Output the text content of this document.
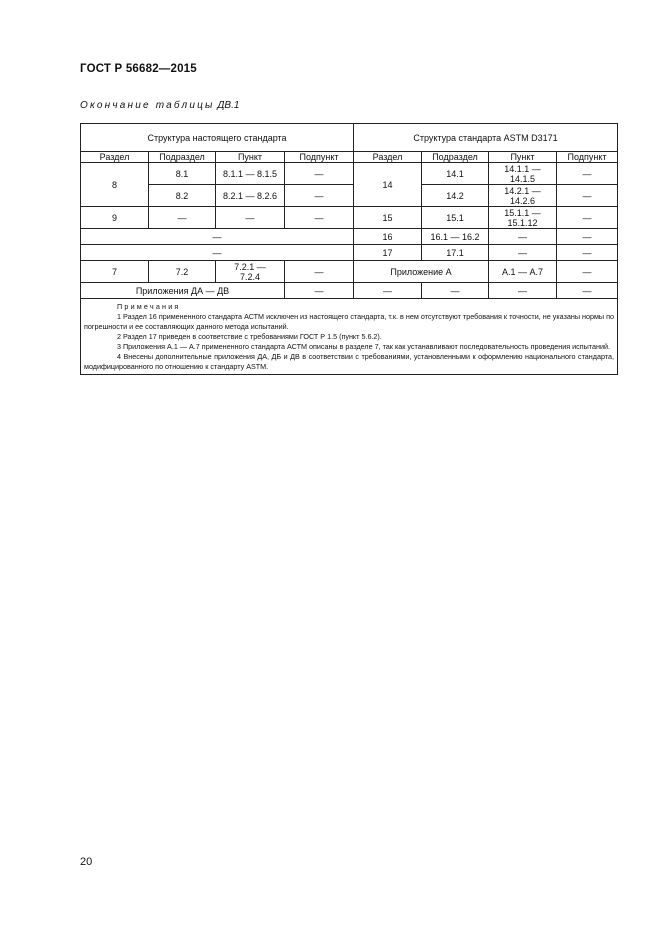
ГОСТ Р 56682—2015
Окончание таблицы ДВ.1
Структура настоящего стандарта				Структура стандарта ASTM D3171			
Раздел	Подраздел	Пункт	Подпункт	Раздел	Подраздел	Пункт	Подпункт
8	8.1	8.1.1 — 8.1.5	—	14	14.1	14.1.1 — 14.1.5	—
	8.2	8.2.1 — 8.2.6	—		14.2	14.2.1 — 14.2.6	—
9	—	—	—	15	15.1	15.1.1 — 15.1.12	—
—				16	16.1 — 16.2	—	—
—				17	17.1	—	—
7	7.2	7.2.1 — 7.2.4	—	Приложение А		А.1 — А.7	—
Приложения ДА — ДВ			—	—	—	—	—

Примечания
1 Раздел 16 примененного стандарта АСТМ исключен из настоящего стандарта, т.к. в нем отсутствуют требования к точности, не указаны нормы по погрешности и ее составляющих данного метода испытаний.
2 Раздел 17 приведен в соответствие с требованиями ГОСТ Р 1.5 (пункт 5.6.2).
3 Приложения А.1 — А.7 примененного стандарта АСТМ описаны в разделе 7, так как устанавливают последовательность проведения испытаний.
4 Внесены дополнительные приложения ДА, ДБ и ДВ в соответствии с требованиями, установленными к оформлению национального стандарта, модифицированного по отношению к стандарту ASTM.							
20
